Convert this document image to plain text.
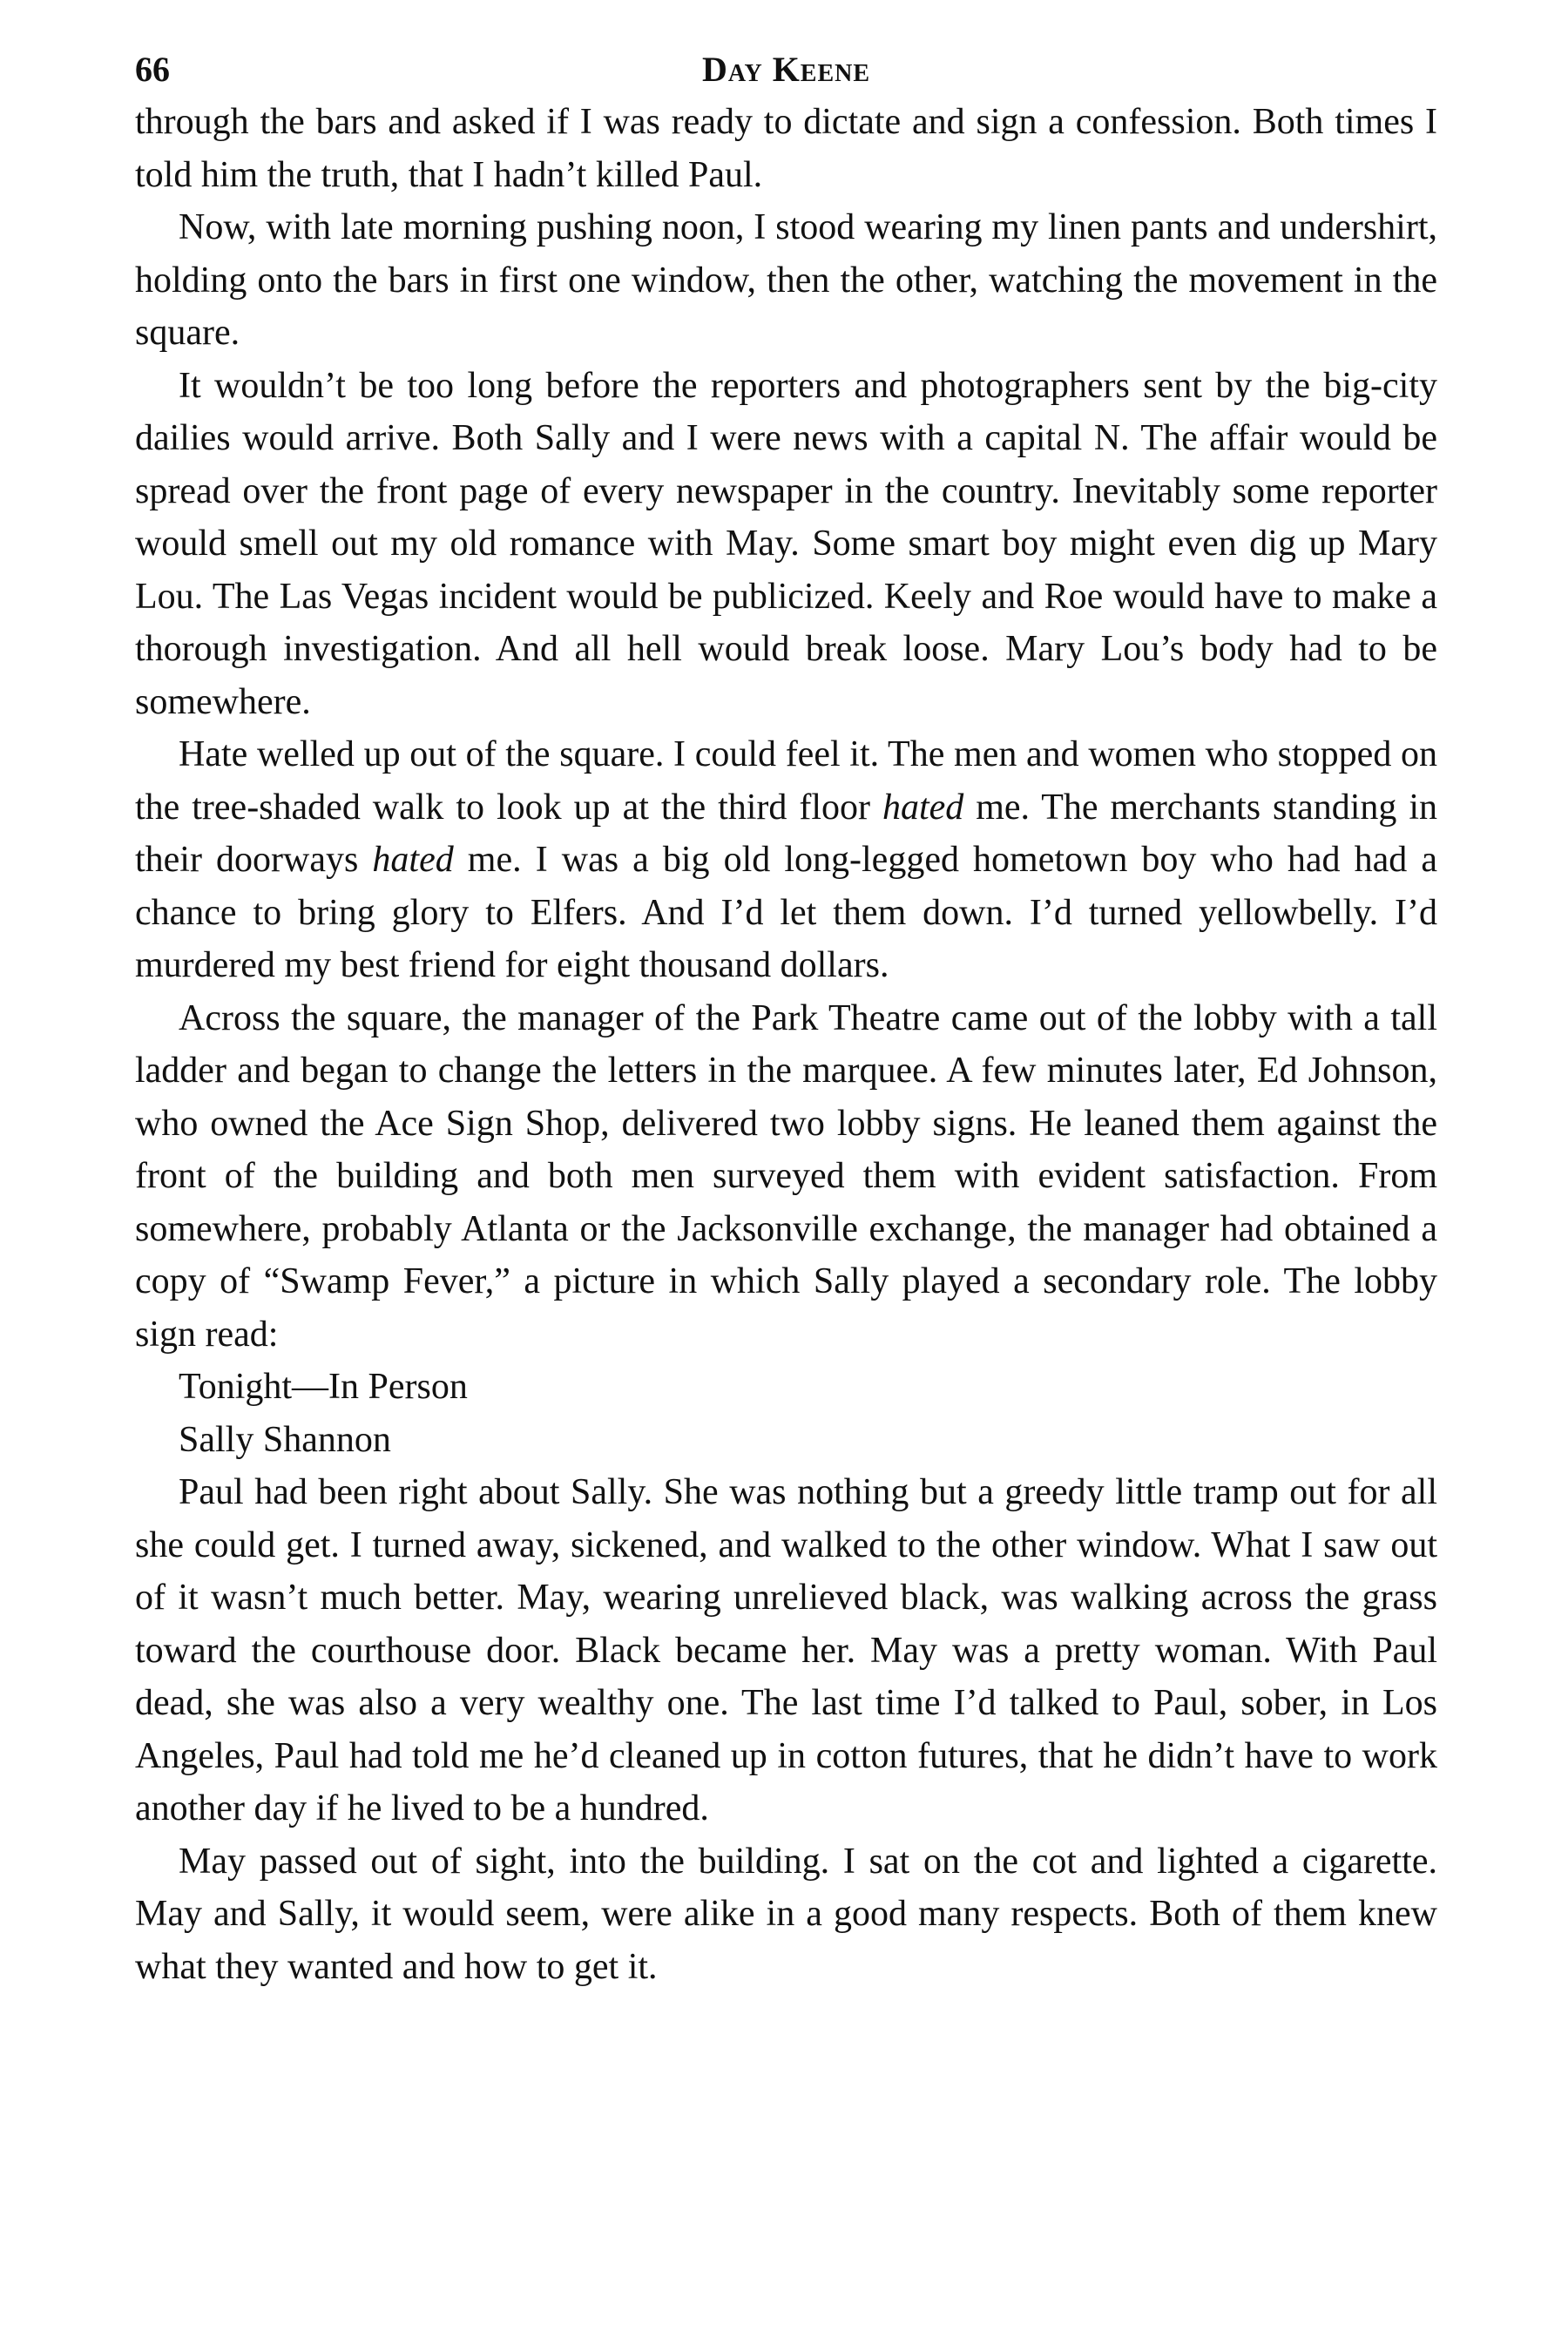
66	Day Keene

through the bars and asked if I was ready to dictate and sign a confession. Both times I told him the truth, that I hadn’t killed Paul.

Now, with late morning pushing noon, I stood wearing my linen pants and undershirt, holding onto the bars in first one window, then the other, watching the movement in the square.

It wouldn’t be too long before the reporters and photographers sent by the big-city dailies would arrive. Both Sally and I were news with a capital N. The affair would be spread over the front page of every newspaper in the country. Inevitably some reporter would smell out my old romance with May. Some smart boy might even dig up Mary Lou. The Las Vegas incident would be publicized. Keely and Roe would have to make a thorough investigation. And all hell would break loose. Mary Lou’s body had to be somewhere.

Hate welled up out of the square. I could feel it. The men and women who stopped on the tree-shaded walk to look up at the third floor hated me. The merchants standing in their doorways hated me. I was a big old long-legged hometown boy who had had a chance to bring glory to Elfers. And I’d let them down. I’d turned yellowbelly. I’d murdered my best friend for eight thousand dollars.

Across the square, the manager of the Park Theatre came out of the lobby with a tall ladder and began to change the letters in the marquee. A few minutes later, Ed Johnson, who owned the Ace Sign Shop, delivered two lobby signs. He leaned them against the front of the building and both men surveyed them with evident satisfaction. From somewhere, probably Atlanta or the Jacksonville exchange, the manager had obtained a copy of “Swamp Fever,” a picture in which Sally played a secondary role. The lobby sign read:

Tonight—In Person

Sally Shannon

Paul had been right about Sally. She was nothing but a greedy little tramp out for all she could get. I turned away, sickened, and walked to the other window. What I saw out of it wasn’t much better. May, wearing unrelieved black, was walking across the grass toward the courthouse door. Black became her. May was a pretty woman. With Paul dead, she was also a very wealthy one. The last time I’d talked to Paul, sober, in Los Angeles, Paul had told me he’d cleaned up in cotton futures, that he didn’t have to work another day if he lived to be a hundred.

May passed out of sight, into the building. I sat on the cot and lighted a cigarette. May and Sally, it would seem, were alike in a good many respects. Both of them knew what they wanted and how to get it.
